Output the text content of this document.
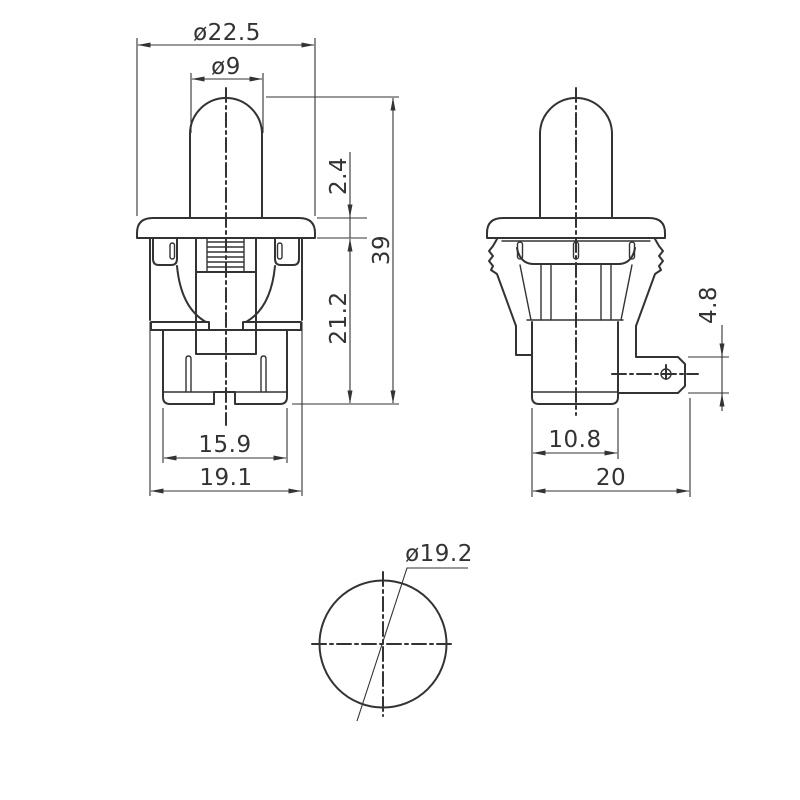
ø22.5
ø9
2.4
39
21.2
15.9
19.1
4.8
10.8
20
ø19.2
